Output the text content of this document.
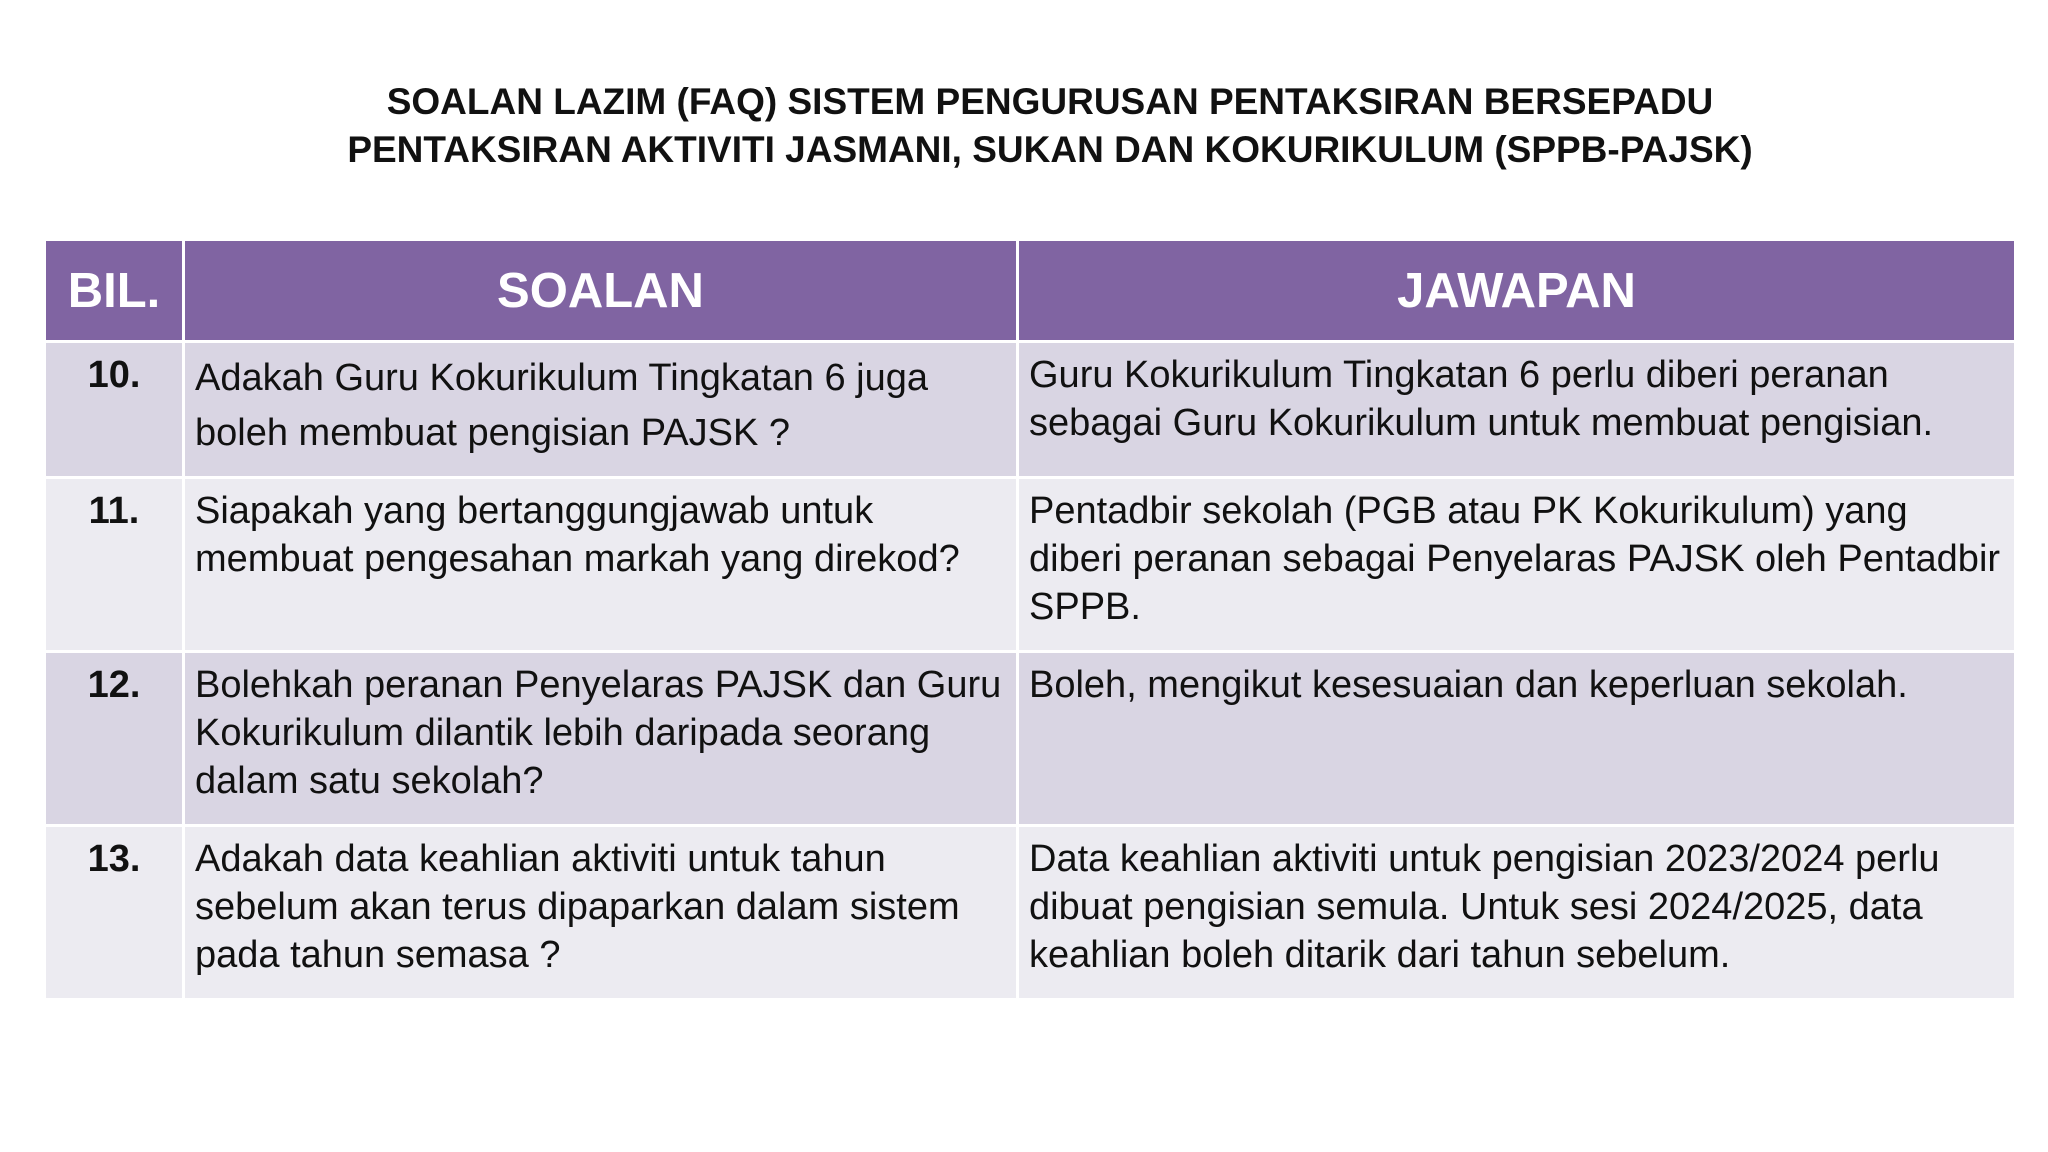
SOALAN LAZIM (FAQ) SISTEM PENGURUSAN PENTAKSIRAN BERSEPADU
PENTAKSIRAN AKTIVITI JASMANI, SUKAN DAN KOKURIKULUM (SPPB-PAJSK)
BIL.	SOALAN	JAWAPAN
10.	Adakah Guru Kokurikulum Tingkatan 6 juga boleh membuat pengisian PAJSK ?	Guru Kokurikulum Tingkatan 6 perlu diberi peranan sebagai Guru Kokurikulum untuk membuat pengisian.
11.	Siapakah yang bertanggungjawab untuk membuat pengesahan markah yang direkod?	Pentadbir sekolah (PGB atau PK Kokurikulum) yang diberi peranan sebagai Penyelaras PAJSK oleh Pentadbir SPPB.
12.	Bolehkah peranan Penyelaras PAJSK dan Guru Kokurikulum dilantik lebih daripada seorang dalam satu sekolah?	Boleh, mengikut kesesuaian dan keperluan sekolah.
13.	Adakah data keahlian aktiviti untuk tahun sebelum akan terus dipaparkan dalam sistem pada tahun semasa ?	Data keahlian aktiviti untuk pengisian 2023/2024 perlu dibuat pengisian semula. Untuk sesi 2024/2025, data keahlian boleh ditarik dari tahun sebelum.
